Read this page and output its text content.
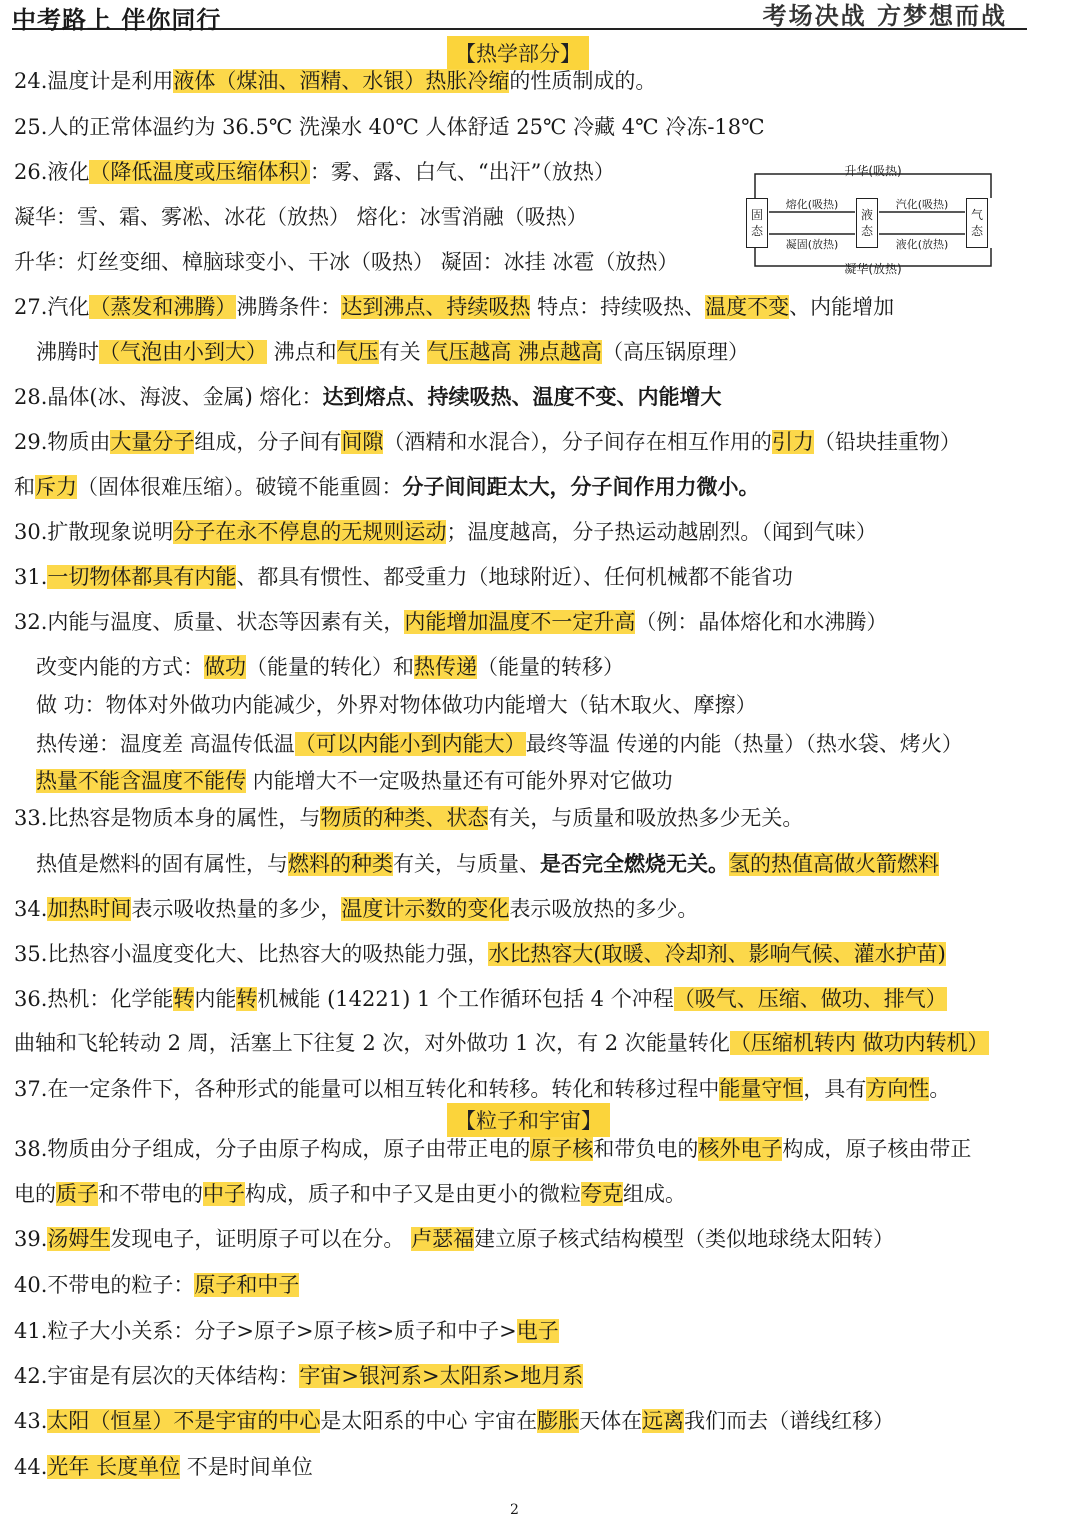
中考路上 伴你同行	考场决战 方梦想而战
【热学部分】
24.温度计是利用液体（煤油、酒精、水银）热胀冷缩的性质制成的。
25.人的正常体温约为 36.5℃ 洗澡水 40℃ 人体舒适 25℃ 冷藏 4℃ 冷冻-18℃
26.液化（降低温度或压缩体积）：雾、露、白气、“出汗”（放热）
凝华：雪、霜、雾凇、冰花（放热） 熔化：冰雪消融（吸热）
升华：灯丝变细、樟脑球变小、干冰（吸热） 凝固：冰挂 冰雹（放热）
升华(吸热)
凝华(放热)
固态
液态
气态
熔化(吸热)
凝固(放热)
汽化(吸热)
液化(放热)
27.汽化（蒸发和沸腾）沸腾条件：达到沸点、持续吸热 特点：持续吸热、温度不变、内能增加
沸腾时（气泡由小到大） 沸点和气压有关 气压越高 沸点越高（高压锅原理）
28.晶体(冰、海波、金属) 熔化：达到熔点、持续吸热、温度不变、内能增大
29.物质由大量分子组成，分子间有间隙（酒精和水混合），分子间存在相互作用的引力（铅块挂重物）
和斥力（固体很难压缩）。破镜不能重圆：分子间间距太大，分子间作用力微小。
30.扩散现象说明分子在永不停息的无规则运动；温度越高，分子热运动越剧烈。（闻到气味）
31.一切物体都具有内能、都具有惯性、都受重力（地球附近）、任何机械都不能省功
32.内能与温度、质量、状态等因素有关，内能增加温度不一定升高（例：晶体熔化和水沸腾）
改变内能的方式：做功（能量的转化）和热传递（能量的转移）
做 功：物体对外做功内能减少，外界对物体做功内能增大（钻木取火、摩擦）
热传递：温度差 高温传低温（可以内能小到内能大）最终等温 传递的内能（热量）（热水袋、烤火）
热量不能含温度不能传 内能增大不一定吸热量还有可能外界对它做功
33.比热容是物质本身的属性，与物质的种类、状态有关，与质量和吸放热多少无关。
热值是燃料的固有属性，与燃料的种类有关，与质量、是否完全燃烧无关。氢的热值高做火箭燃料
34.加热时间表示吸收热量的多少，温度计示数的变化表示吸放热的多少。
35.比热容小温度变化大、比热容大的吸热能力强，水比热容大(取暖、冷却剂、影响气候、灌水护苗)
36.热机：化学能转内能转机械能 (14221) 1 个工作循环包括 4 个冲程（吸气、压缩、做功、排气）
曲轴和飞轮转动 2 周，活塞上下往复 2 次，对外做功 1 次，有 2 次能量转化（压缩机转内 做功内转机）
37.在一定条件下，各种形式的能量可以相互转化和转移。转化和转移过程中能量守恒，具有方向性。
【粒子和宇宙】
38.物质由分子组成，分子由原子构成，原子由带正电的原子核和带负电的核外电子构成，原子核由带正
电的质子和不带电的中子构成，质子和中子又是由更小的微粒夸克组成。
39.汤姆生发现电子，证明原子可以在分。 卢瑟福建立原子核式结构模型（类似地球绕太阳转）
40.不带电的粒子：原子和中子
41.粒子大小关系：分子>原子>原子核>质子和中子>电子
42.宇宙是有层次的天体结构：宇宙>银河系>太阳系>地月系
43.太阳（恒星）不是宇宙的中心是太阳系的中心 宇宙在膨胀天体在远离我们而去（谱线红移）
44.光年 长度单位 不是时间单位
2
